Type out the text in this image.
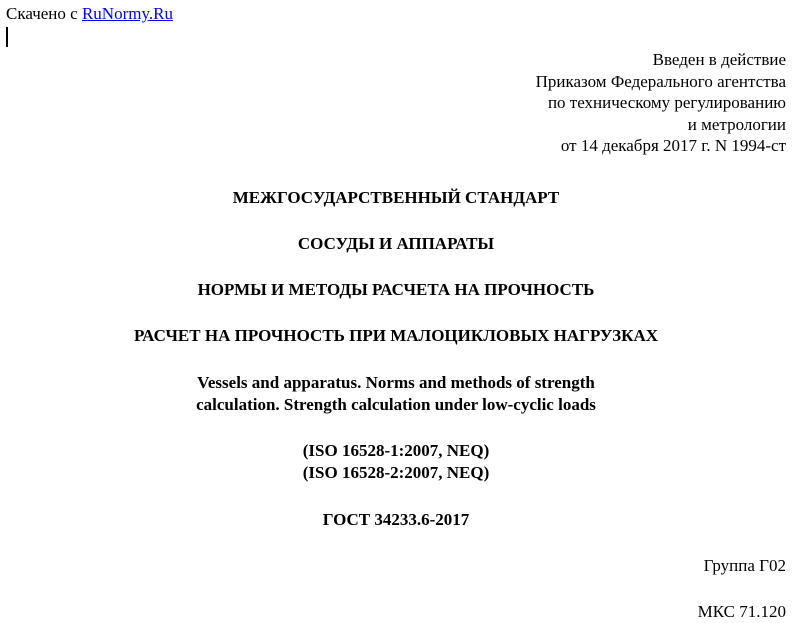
Скачено с RuNormy.Ru
Введен в действие
Приказом Федерального агентства
по техническому регулированию
и метрологии
от 14 декабря 2017 г. N 1994-ст
МЕЖГОСУДАРСТВЕННЫЙ СТАНДАРТ
СОСУДЫ И АППАРАТЫ
НОРМЫ И МЕТОДЫ РАСЧЕТА НА ПРОЧНОСТЬ
РАСЧЕТ НА ПРОЧНОСТЬ ПРИ МАЛОЦИКЛОВЫХ НАГРУЗКАХ
Vessels and apparatus. Norms and methods of strength
calculation. Strength calculation under low-cyclic loads
(ISO 16528-1:2007, NEQ)
(ISO 16528-2:2007, NEQ)
ГОСТ 34233.6-2017
Группа Г02
МКС 71.120
